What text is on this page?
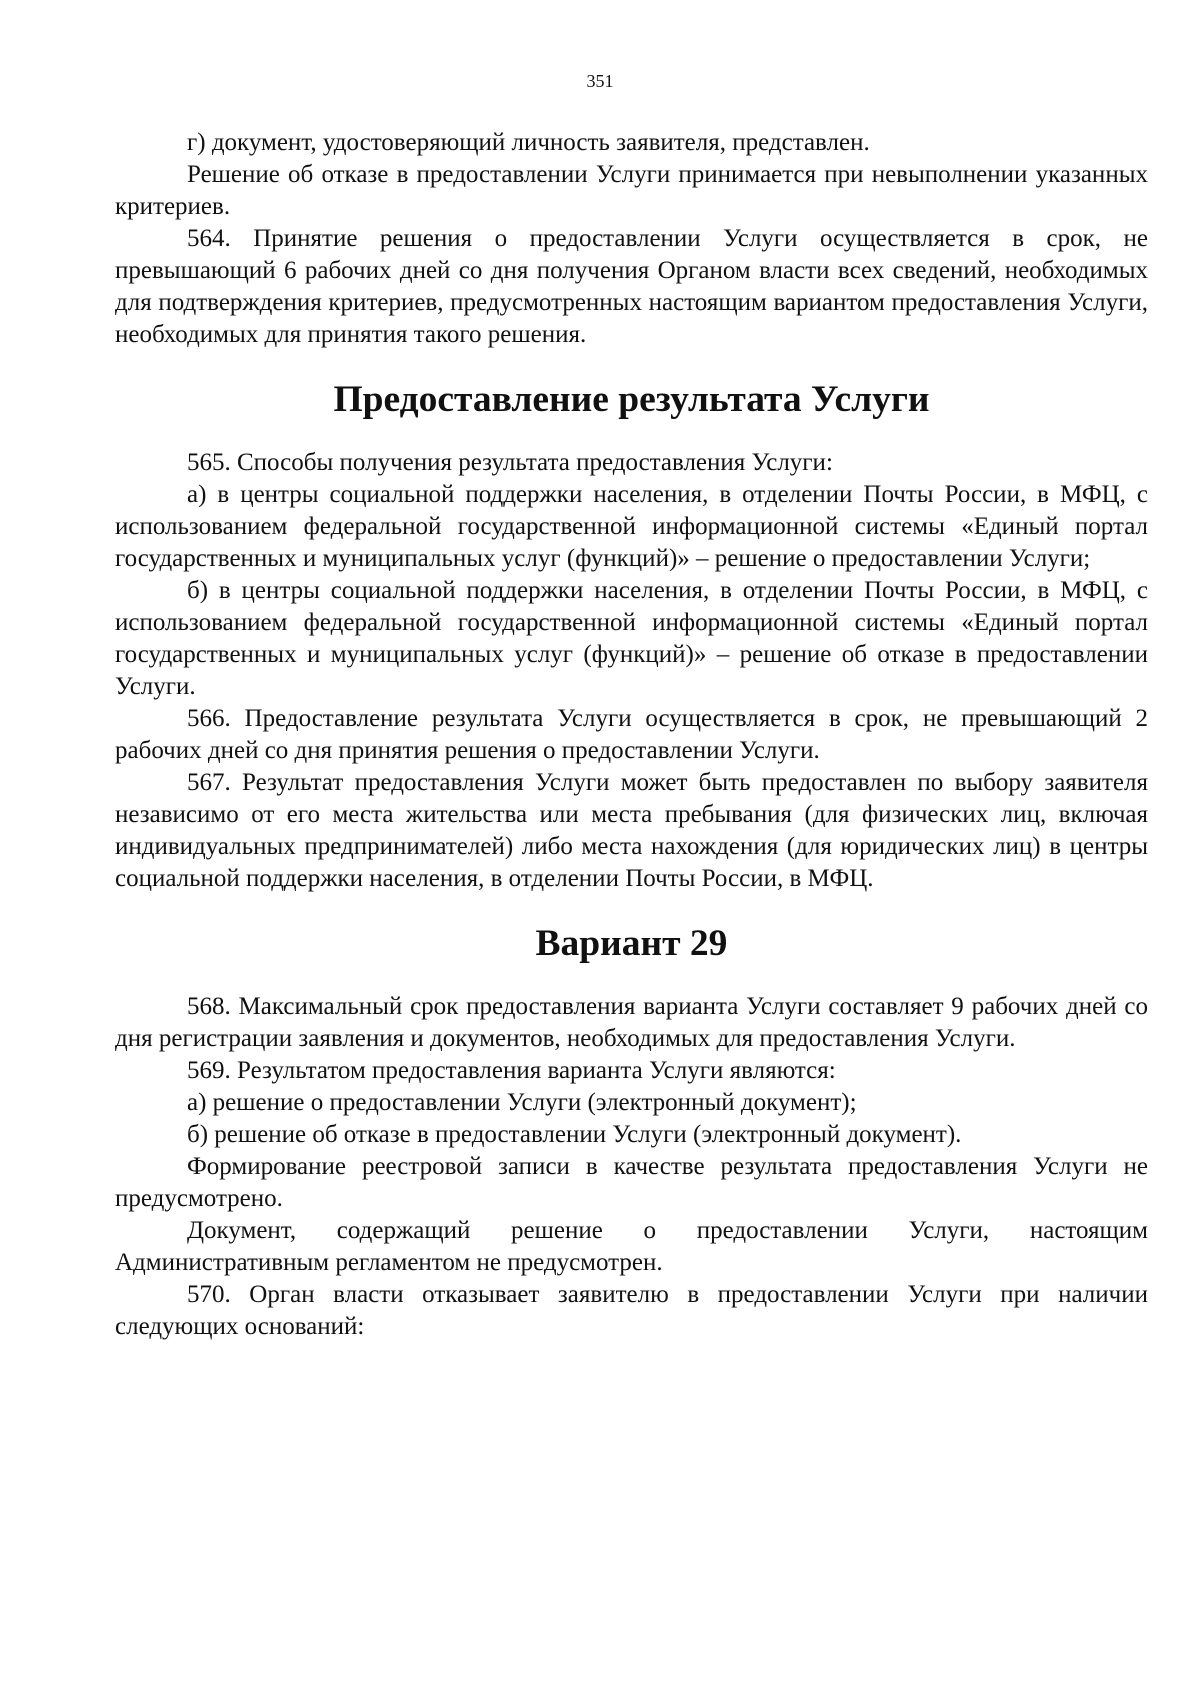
351

г) документ, удостоверяющий личность заявителя, представлен.

Решение об отказе в предоставлении Услуги принимается при невыполнении указанных критериев.

564. Принятие решения о предоставлении Услуги осуществляется в срок, не превышающий 6 рабочих дней со дня получения Органом власти всех сведений, необходимых для подтверждения критериев, предусмотренных настоящим вариантом предоставления Услуги, необходимых для принятия такого решения.

Предоставление результата Услуги

565. Способы получения результата предоставления Услуги:

а) в центры социальной поддержки населения, в отделении Почты России, в МФЦ, с использованием федеральной государственной информационной системы «Единый портал государственных и муниципальных услуг (функций)» – решение о предоставлении Услуги;

б) в центры социальной поддержки населения, в отделении Почты России, в МФЦ, с использованием федеральной государственной информационной системы «Единый портал государственных и муниципальных услуг (функций)» – решение об отказе в предоставлении Услуги.

566. Предоставление результата Услуги осуществляется в срок, не превышающий 2 рабочих дней со дня принятия решения о предоставлении Услуги.

567. Результат предоставления Услуги может быть предоставлен по выбору заявителя независимо от его места жительства или места пребывания (для физических лиц, включая индивидуальных предпринимателей) либо места нахождения (для юридических лиц) в центры социальной поддержки населения, в отделении Почты России, в МФЦ.

Вариант 29

568. Максимальный срок предоставления варианта Услуги составляет 9 рабочих дней со дня регистрации заявления и документов, необходимых для предоставления Услуги.

569. Результатом предоставления варианта Услуги являются:

а) решение о предоставлении Услуги (электронный документ);

б) решение об отказе в предоставлении Услуги (электронный документ).

Формирование реестровой записи в качестве результата предоставления Услуги не предусмотрено.

Документ, содержащий решение о предоставлении Услуги, настоящим Административным регламентом не предусмотрен.

570. Орган власти отказывает заявителю в предоставлении Услуги при наличии следующих оснований:
